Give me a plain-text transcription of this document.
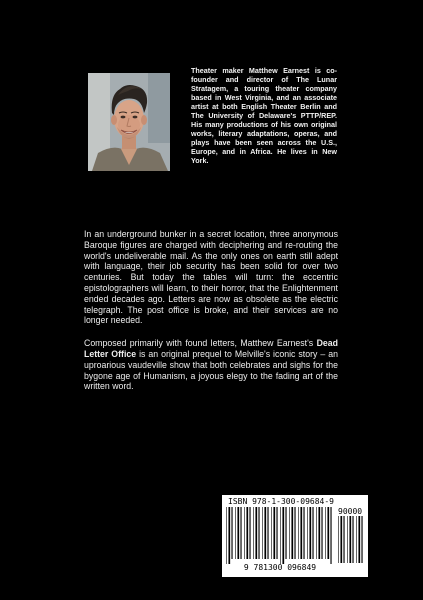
Theater maker Matthew Earnest is co-founder and director of The Lunar Stratagem, a touring theater company based in West Virginia, and an associate artist at both English Theater Berlin and The University of Delaware's PTTP/REP. His many productions of his own original works, literary adaptations, operas, and plays have been seen across the U.S., Europe, and in Africa. He lives in New York.

In an underground bunker in a secret location, three anonymous Baroque figures are charged with deciphering and re-routing the world's undeliverable mail. As the only ones on earth still adept with language, their job security has been solid for over two centuries. But today the tables will turn: the eccentric epistolographers will learn, to their horror, that the Enlightenment ended decades ago. Letters are now as obsolete as the electric telegraph. The post office is broke, and their services are no longer needed.

Composed primarily with found letters, Matthew Earnest's Dead Letter Office is an original prequel to Melville's iconic story – an uproarious vaudeville show that both celebrates and sighs for the bygone age of Humanism, a joyous elegy to the fading art of the written word.

ISBN 978-1-300-09684-9
90000
9 781300 096849
